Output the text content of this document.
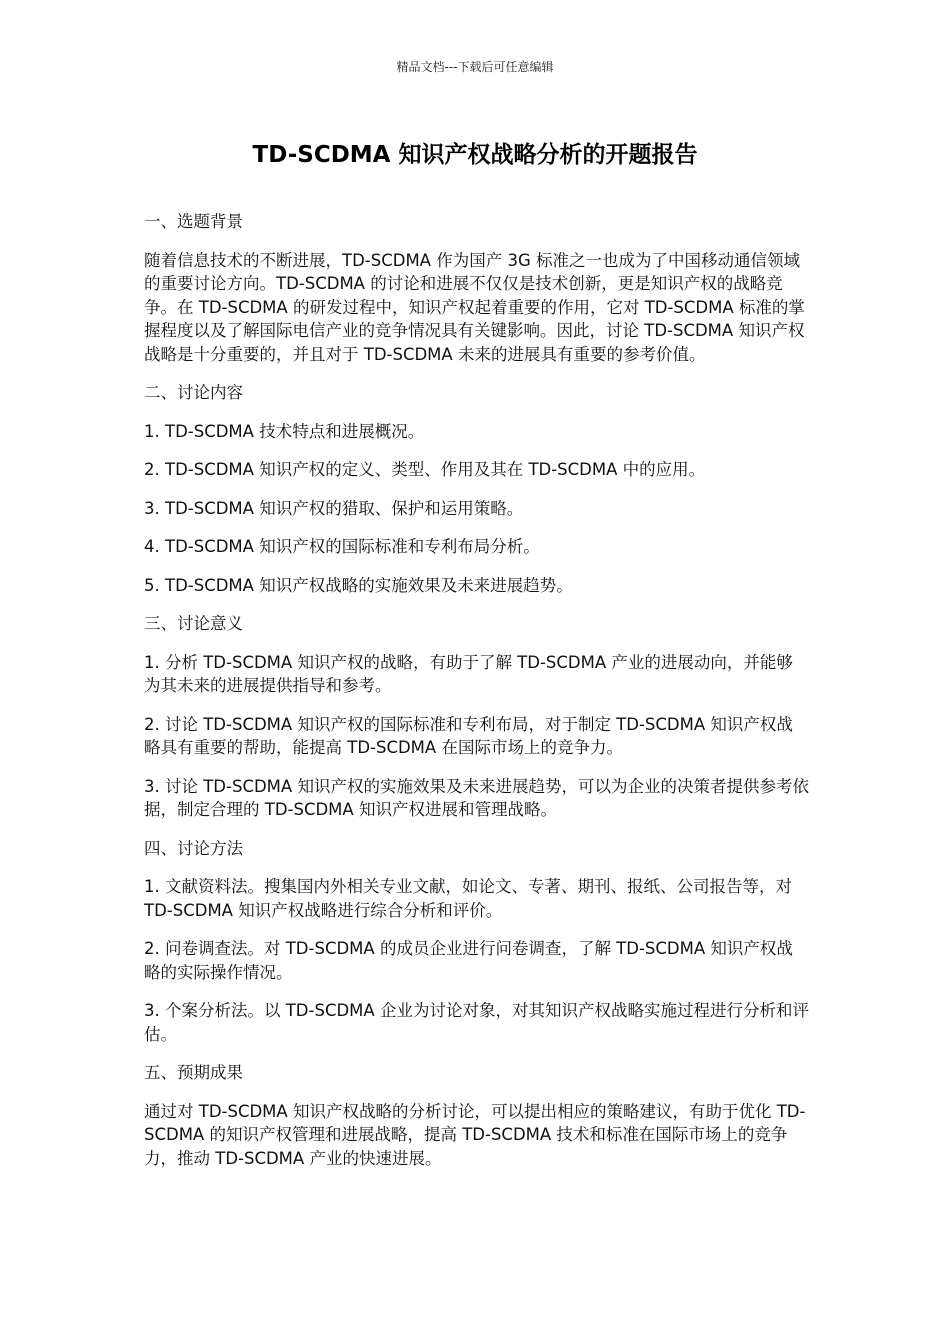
精品文档---下载后可任意编辑
TD-SCDMA 知识产权战略分析的开题报告

一、选题背景

随着信息技术的不断进展，TD-SCDMA 作为国产 3G 标准之一也成为了中国移动通信领域的重要讨论方向。TD-SCDMA 的讨论和进展不仅仅是技术创新，更是知识产权的战略竞争。在 TD-SCDMA 的研发过程中，知识产权起着重要的作用，它对 TD-SCDMA 标准的掌握程度以及了解国际电信产业的竞争情况具有关键影响。因此，讨论 TD-SCDMA 知识产权战略是十分重要的，并且对于 TD-SCDMA 未来的进展具有重要的参考价值。

二、讨论内容

1. TD-SCDMA 技术特点和进展概况。

2. TD-SCDMA 知识产权的定义、类型、作用及其在 TD-SCDMA 中的应用。

3. TD-SCDMA 知识产权的猎取、保护和运用策略。

4. TD-SCDMA 知识产权的国际标准和专利布局分析。

5. TD-SCDMA 知识产权战略的实施效果及未来进展趋势。

三、讨论意义

1. 分析 TD-SCDMA 知识产权的战略，有助于了解 TD-SCDMA 产业的进展动向，并能够为其未来的进展提供指导和参考。

2. 讨论 TD-SCDMA 知识产权的国际标准和专利布局，对于制定 TD-SCDMA 知识产权战略具有重要的帮助，能提高 TD-SCDMA 在国际市场上的竞争力。

3. 讨论 TD-SCDMA 知识产权的实施效果及未来进展趋势，可以为企业的决策者提供参考依据，制定合理的 TD-SCDMA 知识产权进展和管理战略。

四、讨论方法

1. 文献资料法。搜集国内外相关专业文献，如论文、专著、期刊、报纸、公司报告等，对 TD-SCDMA 知识产权战略进行综合分析和评价。

2. 问卷调查法。对 TD-SCDMA 的成员企业进行问卷调查，了解 TD-SCDMA 知识产权战略的实际操作情况。

3. 个案分析法。以 TD-SCDMA 企业为讨论对象，对其知识产权战略实施过程进行分析和评估。

五、预期成果

通过对 TD-SCDMA 知识产权战略的分析讨论，可以提出相应的策略建议，有助于优化 TD-SCDMA 的知识产权管理和进展战略，提高 TD-SCDMA 技术和标准在国际市场上的竞争力，推动 TD-SCDMA 产业的快速进展。
